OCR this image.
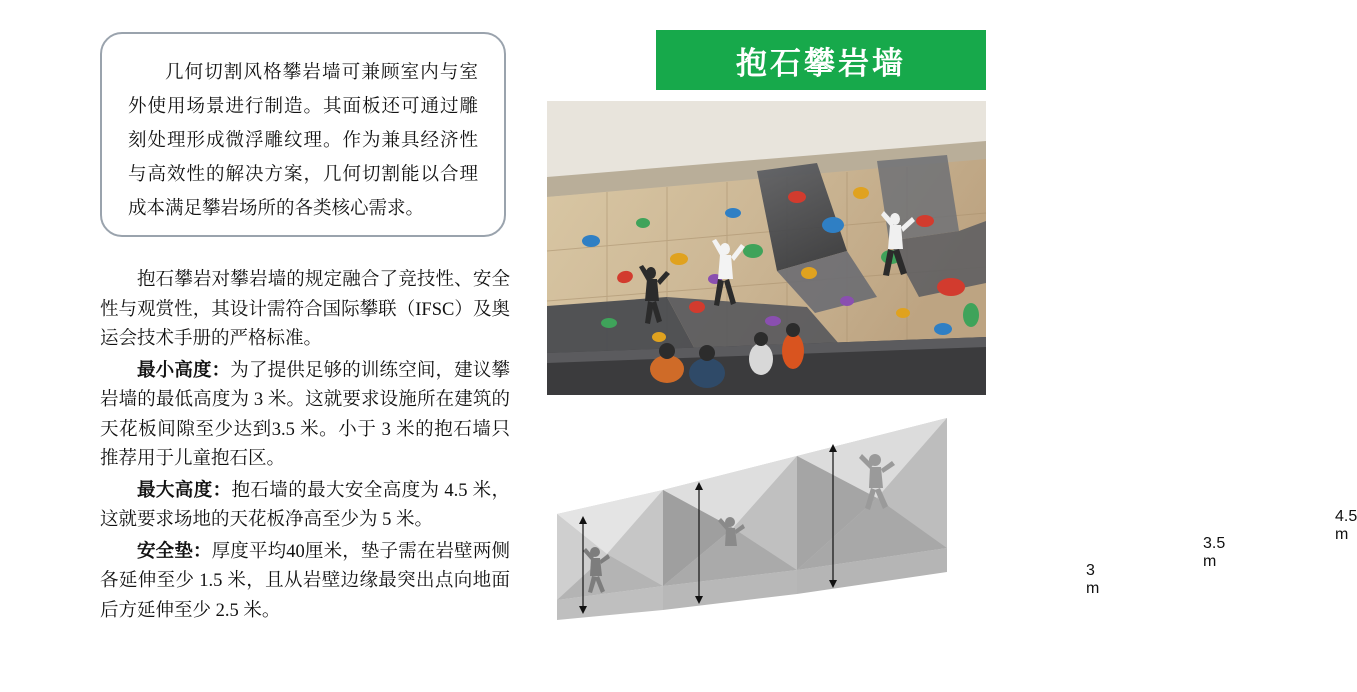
几何切割风格攀岩墙可兼顾室内与室外使用场景进行制造。其面板还可通过雕刻处理形成微浮雕纹理。作为兼具经济性与高效性的解决方案，几何切割能以合理成本满足攀岩场所的各类核心需求。

抱石攀岩对攀岩墙的规定融合了竞技性、安全性与观赏性，其设计需符合国际攀联（IFSC）及奥运会技术手册的严格标准。

最小高度：为了提供足够的训练空间，建议攀岩墙的最低高度为 3 米。这就要求设施所在建筑的天花板间隙至少达到3.5 米。小于 3 米的抱石墙只推荐用于儿童抱石区。

最大高度：抱石墙的最大安全高度为 4.5 米，这就要求场地的天花板净高至少为 5 米。

安全垫：厚度平均40厘米，垫子需在岩壁两侧各延伸至少 1.5 米，且从岩壁边缘最突出点向地面后方延伸至少 2.5 米。

抱石攀岩墙
3 m
3.5 m
4.5 m
